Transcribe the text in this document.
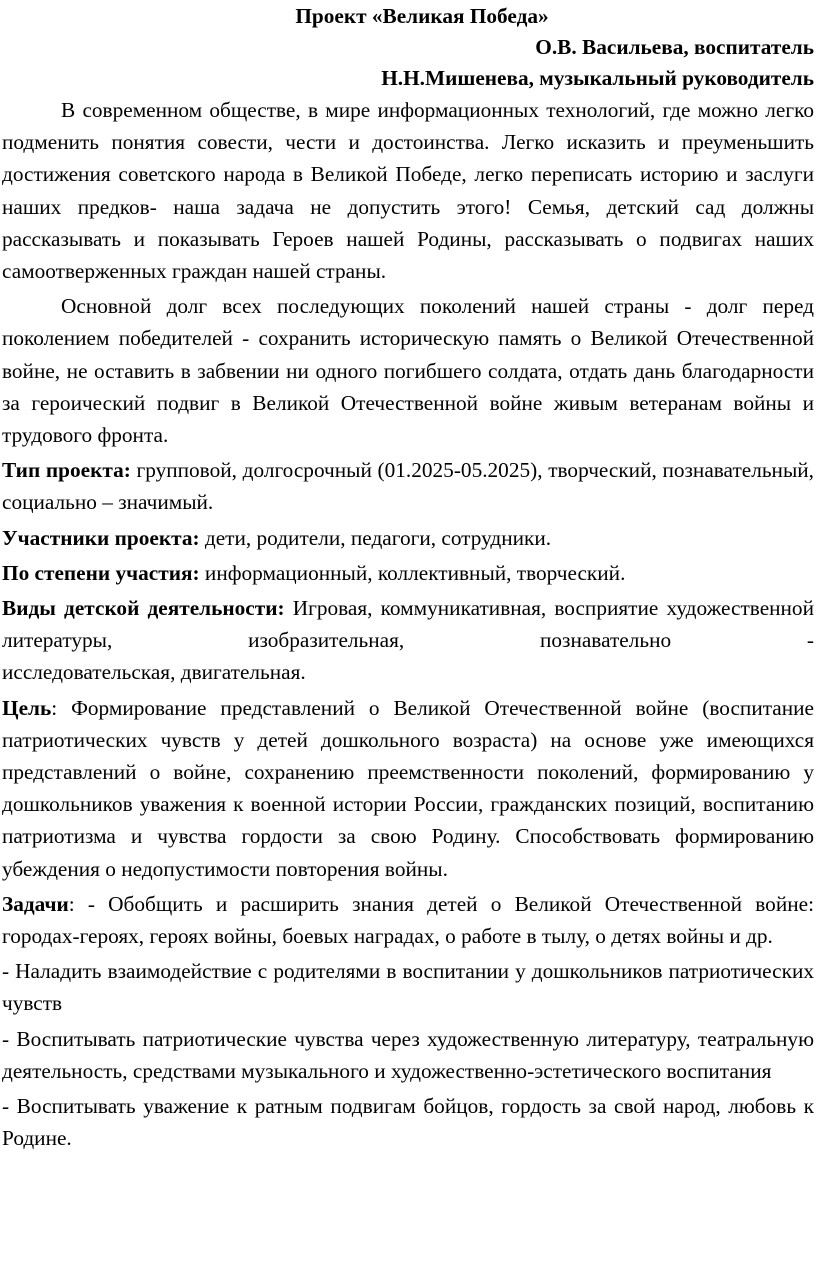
Проект «Великая Победа»
О.В. Васильева, воспитатель
Н.Н.Мишенева, музыкальный руководитель

В современном обществе, в мире информационных технологий, где можно легко подменить понятия совести, чести и достоинства. Легко исказить и преуменьшить достижения советского народа в Великой Победе, легко переписать историю и заслуги наших предков- наша задача не допустить этого! Семья, детский сад должны рассказывать и показывать Героев нашей Родины, рассказывать о подвигах наших самоотверженных граждан нашей страны.

Основной долг всех последующих поколений нашей страны - долг перед поколением победителей - сохранить историческую память о Великой Отечественной войне, не оставить в забвении ни одного погибшего солдата, отдать дань благодарности за героический подвиг в Великой Отечественной войне живым ветеранам войны и трудового фронта.

Тип проекта: групповой, долгосрочный (01.2025-05.2025), творческий, познавательный, социально – значимый.

Участники проекта: дети, родители, педагоги, сотрудники.

По степени участия: информационный, коллективный, творческий.

Виды детской деятельности: Игровая, коммуникативная, восприятие художественной литературы, изобразительная, познавательно -

исследовательская, двигательная.

Цель: Формирование представлений о Великой Отечественной войне (воспитание патриотических чувств у детей дошкольного возраста) на основе уже имеющихся представлений о войне, сохранению преемственности поколений, формированию у дошкольников уважения к военной истории России, гражданских позиций, воспитанию патриотизма и чувства гордости за свою Родину. Способствовать формированию убеждения о недопустимости повторения войны.

Задачи: - Обобщить и расширить знания детей о Великой Отечественной войне: городах-героях, героях войны, боевых наградах, о работе в тылу, о детях войны и др.

- Наладить взаимодействие с родителями в воспитании у дошкольников патриотических чувств

- Воспитывать патриотические чувства через художественную литературу, театральную деятельность, средствами музыкального и художественно-эстетического воспитания

- Воспитывать уважение к ратным подвигам бойцов, гордость за свой народ, любовь к Родине.
